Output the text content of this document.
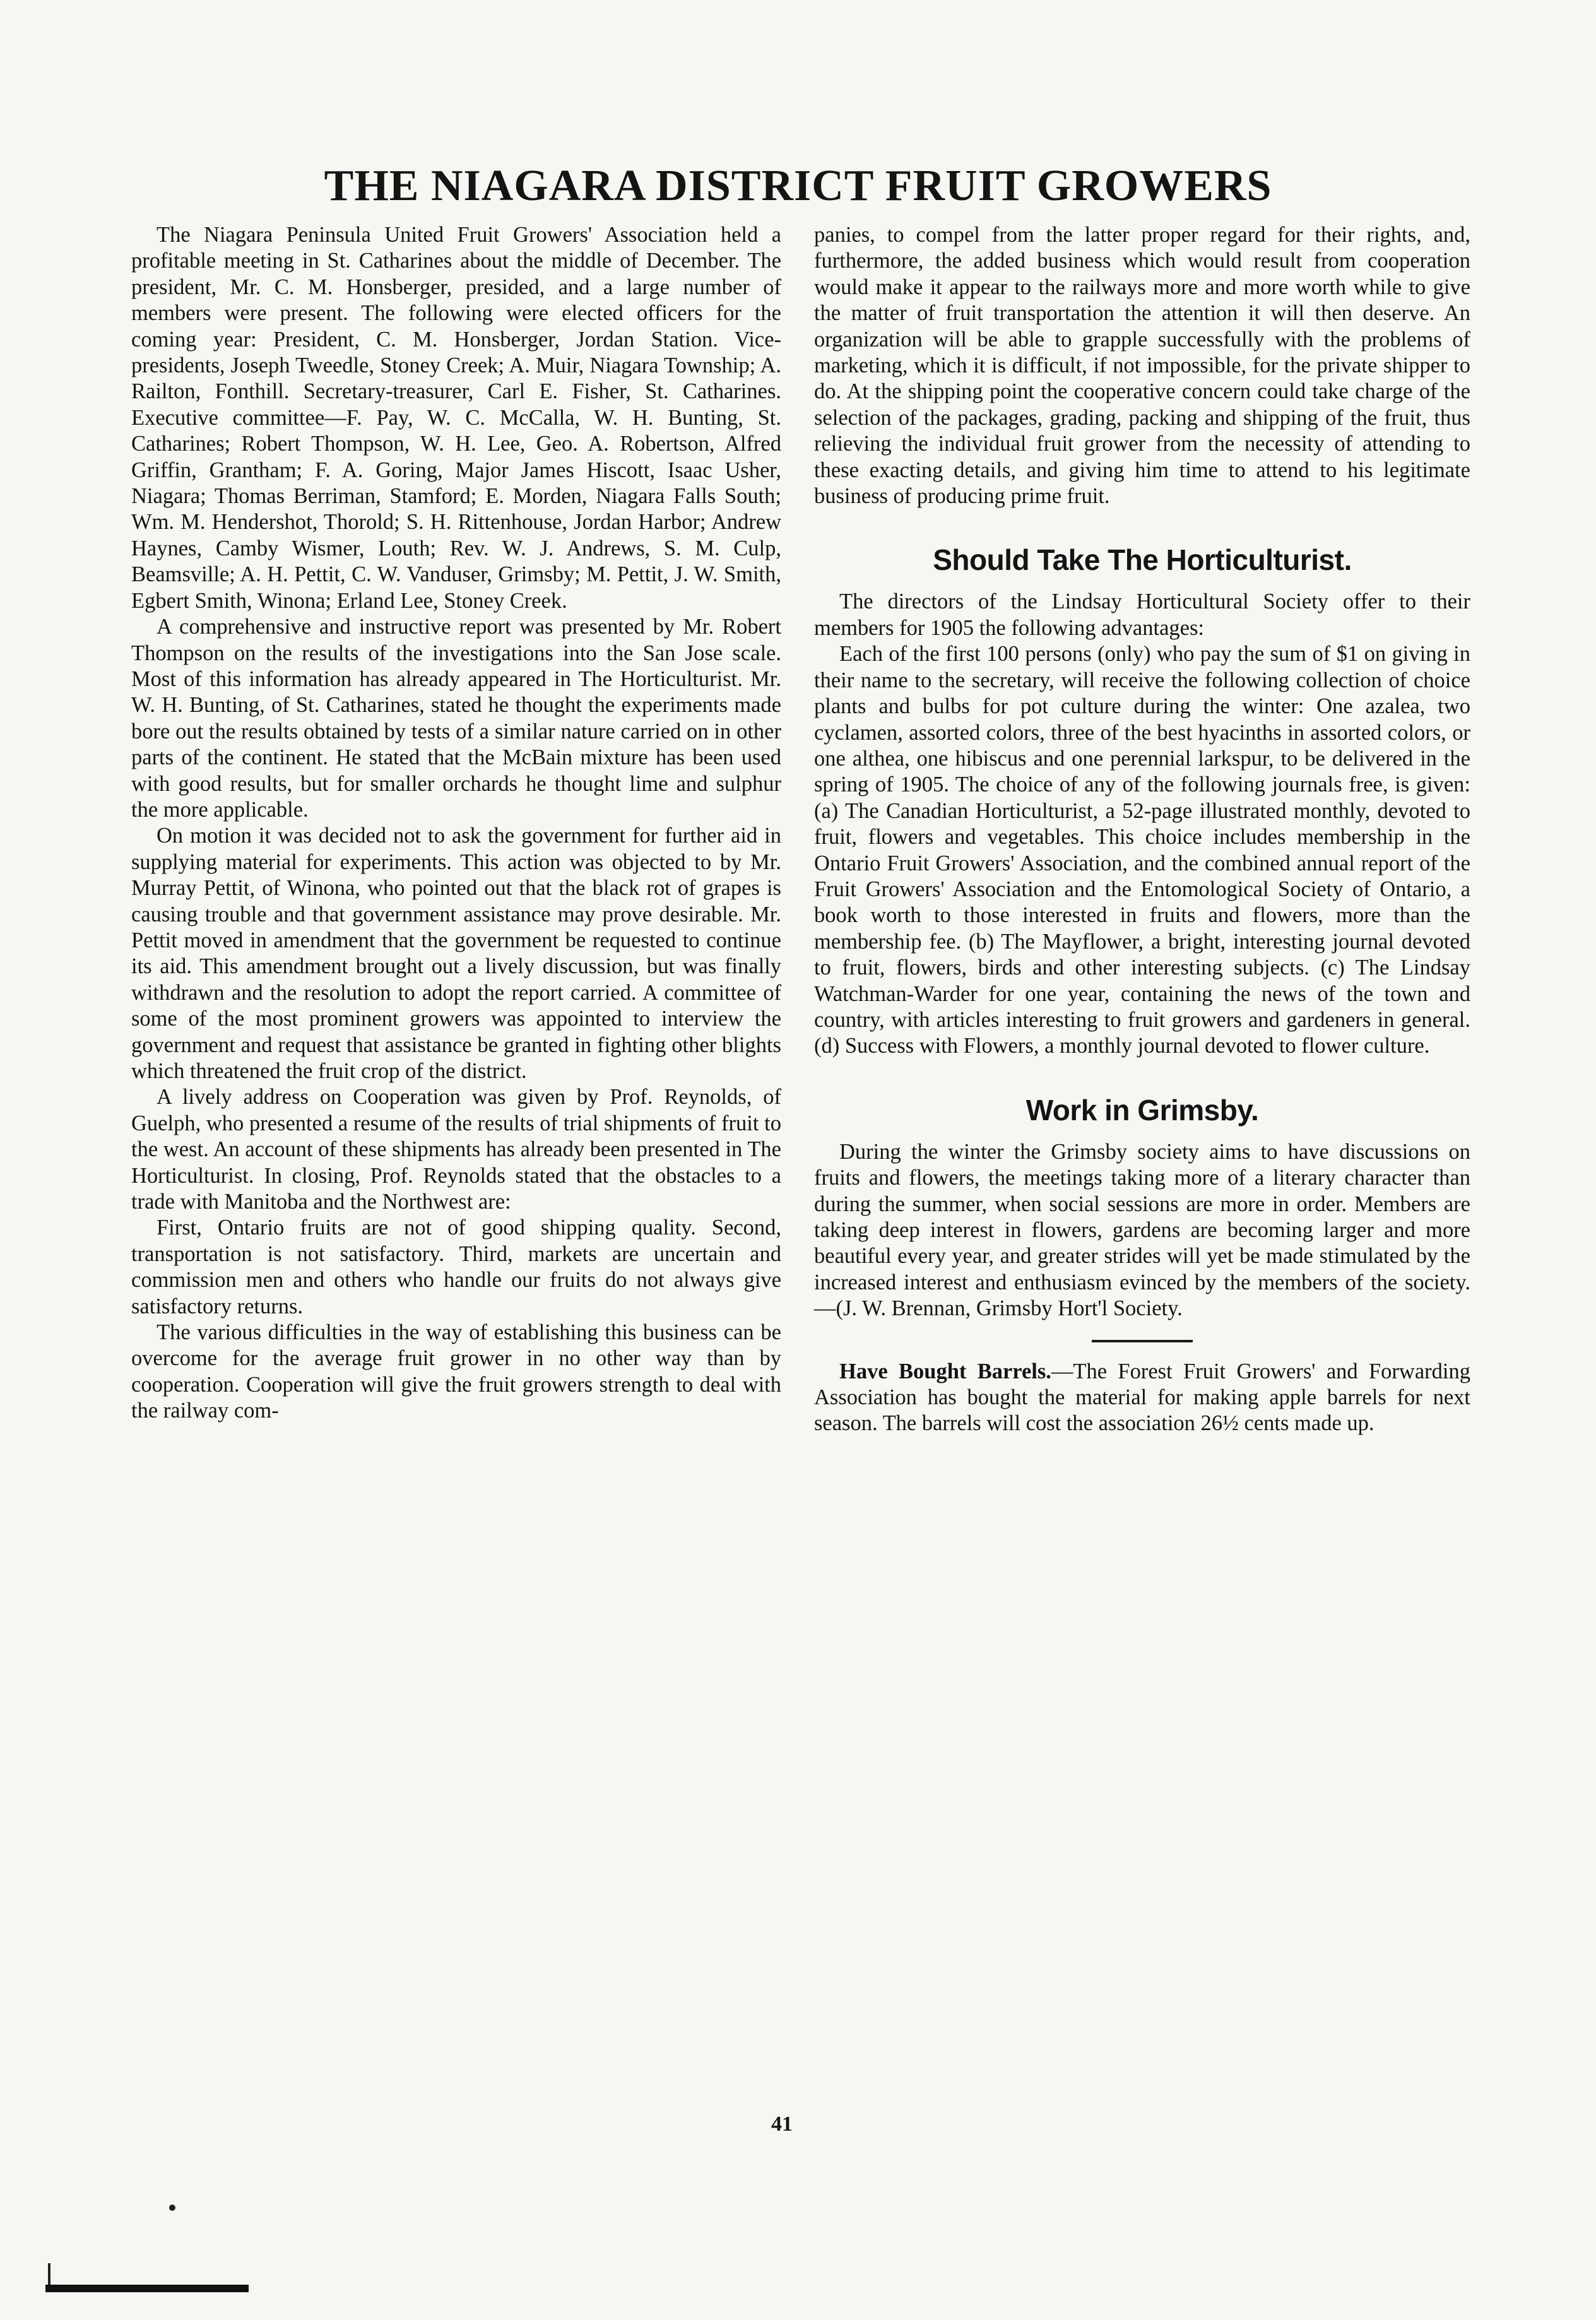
THE NIAGARA DISTRICT FRUIT GROWERS

The Niagara Peninsula United Fruit Growers' Association held a profitable meeting in St. Catharines about the middle of December. The president, Mr. C. M. Honsberger, presided, and a large number of members were present. The following were elected officers for the coming year: President, C. M. Honsberger, Jordan Station. Vice-presidents, Joseph Tweedle, Stoney Creek; A. Muir, Niagara Township; A. Railton, Fonthill. Secretary-treasurer, Carl E. Fisher, St. Catharines. Executive committee—F. Pay, W. C. McCalla, W. H. Bunting, St. Catharines; Robert Thompson, W. H. Lee, Geo. A. Robertson, Alfred Griffin, Grantham; F. A. Goring, Major James Hiscott, Isaac Usher, Niagara; Thomas Berriman, Stamford; E. Morden, Niagara Falls South; Wm. M. Hendershot, Thorold; S. H. Rittenhouse, Jordan Harbor; Andrew Haynes, Camby Wismer, Louth; Rev. W. J. Andrews, S. M. Culp, Beamsville; A. H. Pettit, C. W. Vanduser, Grimsby; M. Pettit, J. W. Smith, Egbert Smith, Winona; Erland Lee, Stoney Creek.

A comprehensive and instructive report was presented by Mr. Robert Thompson on the results of the investigations into the San Jose scale. Most of this information has already appeared in The Horticulturist. Mr. W. H. Bunting, of St. Catharines, stated he thought the experiments made bore out the results obtained by tests of a similar nature carried on in other parts of the continent. He stated that the McBain mixture has been used with good results, but for smaller orchards he thought lime and sulphur the more applicable.

On motion it was decided not to ask the government for further aid in supplying material for experiments. This action was objected to by Mr. Murray Pettit, of Winona, who pointed out that the black rot of grapes is causing trouble and that government assistance may prove desirable. Mr. Pettit moved in amendment that the government be requested to continue its aid. This amendment brought out a lively discussion, but was finally withdrawn and the resolution to adopt the report carried. A committee of some of the most prominent growers was appointed to interview the government and request that assistance be granted in fighting other blights which threatened the fruit crop of the district.

A lively address on Cooperation was given by Prof. Reynolds, of Guelph, who presented a resume of the results of trial shipments of fruit to the west. An account of these shipments has already been presented in The Horticulturist. In closing, Prof. Reynolds stated that the obstacles to a trade with Manitoba and the Northwest are:

First, Ontario fruits are not of good shipping quality. Second, transportation is not satisfactory. Third, markets are uncertain and commission men and others who handle our fruits do not always give satisfactory returns.

The various difficulties in the way of establishing this business can be overcome for the average fruit grower in no other way than by cooperation. Cooperation will give the fruit growers strength to deal with the railway com-

panies, to compel from the latter proper regard for their rights, and, furthermore, the added business which would result from cooperation would make it appear to the railways more and more worth while to give the matter of fruit transportation the attention it will then deserve. An organization will be able to grapple successfully with the problems of marketing, which it is difficult, if not impossible, for the private shipper to do. At the shipping point the cooperative concern could take charge of the selection of the packages, grading, packing and shipping of the fruit, thus relieving the individual fruit grower from the necessity of attending to these exacting details, and giving him time to attend to his legitimate business of producing prime fruit.

Should Take The Horticulturist.

The directors of the Lindsay Horticultural Society offer to their members for 1905 the following advantages:

Each of the first 100 persons (only) who pay the sum of $1 on giving in their name to the secretary, will receive the following collection of choice plants and bulbs for pot culture during the winter: One azalea, two cyclamen, assorted colors, three of the best hyacinths in assorted colors, or one althea, one hibiscus and one perennial larkspur, to be delivered in the spring of 1905. The choice of any of the following journals free, is given: (a) The Canadian Horticulturist, a 52-page illustrated monthly, devoted to fruit, flowers and vegetables. This choice includes membership in the Ontario Fruit Growers' Association, and the combined annual report of the Fruit Growers' Association and the Entomological Society of Ontario, a book worth to those interested in fruits and flowers, more than the membership fee. (b) The Mayflower, a bright, interesting journal devoted to fruit, flowers, birds and other interesting subjects. (c) The Lindsay Watchman-Warder for one year, containing the news of the town and country, with articles interesting to fruit growers and gardeners in general. (d) Success with Flowers, a monthly journal devoted to flower culture.

Work in Grimsby.

During the winter the Grimsby society aims to have discussions on fruits and flowers, the meetings taking more of a literary character than during the summer, when social sessions are more in order. Members are taking deep interest in flowers, gardens are becoming larger and more beautiful every year, and greater strides will yet be made stimulated by the increased interest and enthusiasm evinced by the members of the society.—(J. W. Brennan, Grimsby Hort'l Society.

Have Bought Barrels.—The Forest Fruit Growers' and Forwarding Association has bought the material for making apple barrels for next season. The barrels will cost the association 26½ cents made up.

41
